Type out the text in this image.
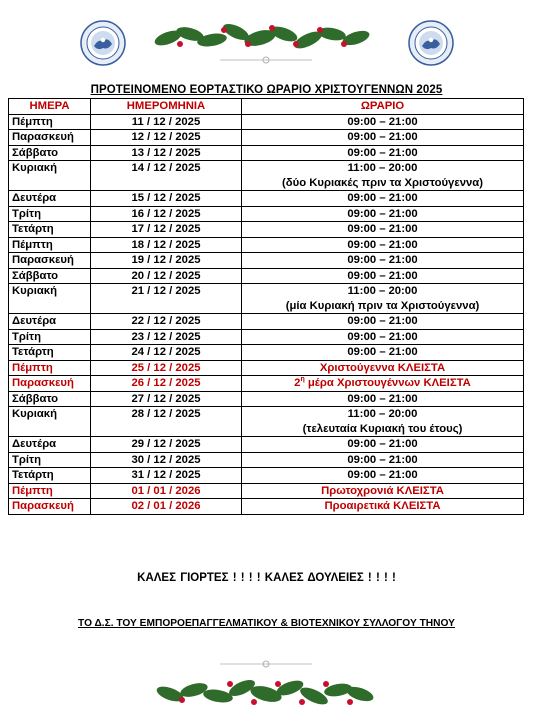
ΠΡΟΤΕΙΝΟΜΕΝΟ ΕΟΡΤΑΣΤΙΚΟ ΩΡΑΡΙΟ ΧΡΙΣΤΟΥΓΕΝΝΩΝ 2025
ΗΜΕΡΑ	ΗΜΕΡΟΜΗΝΙΑ	ΩΡΑΡΙΟ
Πέμπτη	11 / 12 / 2025	09:00 – 21:00
Παρασκευή	12 / 12 / 2025	09:00 – 21:00
Σάββατο	13 / 12 / 2025	09:00 – 21:00
Κυριακή	14 / 12 / 2025	11:00 – 20:00
(δύο Κυριακές πριν τα Χριστούγεννα)

Δευτέρα	15 / 12 / 2025	09:00 – 21:00
Τρίτη	16 / 12 / 2025	09:00 – 21:00
Τετάρτη	17 / 12 / 2025	09:00 – 21:00
Πέμπτη	18 / 12 / 2025	09:00 – 21:00
Παρασκευή	19 / 12 / 2025	09:00 – 21:00
Σάββατο	20 / 12 / 2025	09:00 – 21:00
Κυριακή	21 / 12 / 2025	11:00 – 20:00
(μία Κυριακή πριν τα Χριστούγεννα)

Δευτέρα	22 / 12 / 2025	09:00 – 21:00
Τρίτη	23 / 12 / 2025	09:00 – 21:00
Τετάρτη	24 / 12 / 2025	09:00 – 21:00
Πέμπτη	25 / 12 / 2025	Χριστούγεννα ΚΛΕΙΣΤΑ
Παρασκευή	26 / 12 / 2025	$2^\eta$ μέρα Χριστουγέννων ΚΛΕΙΣΤΑ
Σάββατο	27 / 12 / 2025	09:00 – 21:00
Κυριακή	28 / 12 / 2025	11:00 – 20:00
(τελευταία Κυριακή του έτους)

Δευτέρα	29 / 12 / 2025	09:00 – 21:00
Τρίτη	30 / 12 / 2025	09:00 – 21:00
Τετάρτη	31 / 12 / 2025	09:00 – 21:00
Πέμπτη	01 / 01 / 2026	Πρωτοχρονιά ΚΛΕΙΣΤΑ
Παρασκευή	02 / 01 / 2026	Προαιρετικά ΚΛΕΙΣΤΑ
ΚΑΛΕΣ ΓΙΟΡΤΕΣ ! ! ! ! ΚΑΛΕΣ ΔΟΥΛΕΙΕΣ ! ! ! !
ΤΟ Δ.Σ. ΤΟΥ ΕΜΠΟΡΟΕΠΑΓΓΕΛΜΑΤΙΚΟΥ & ΒΙΟΤΕΧΝΙΚΟΥ ΣΥΛΛΟΓΟΥ ΤΗΝΟΥ
